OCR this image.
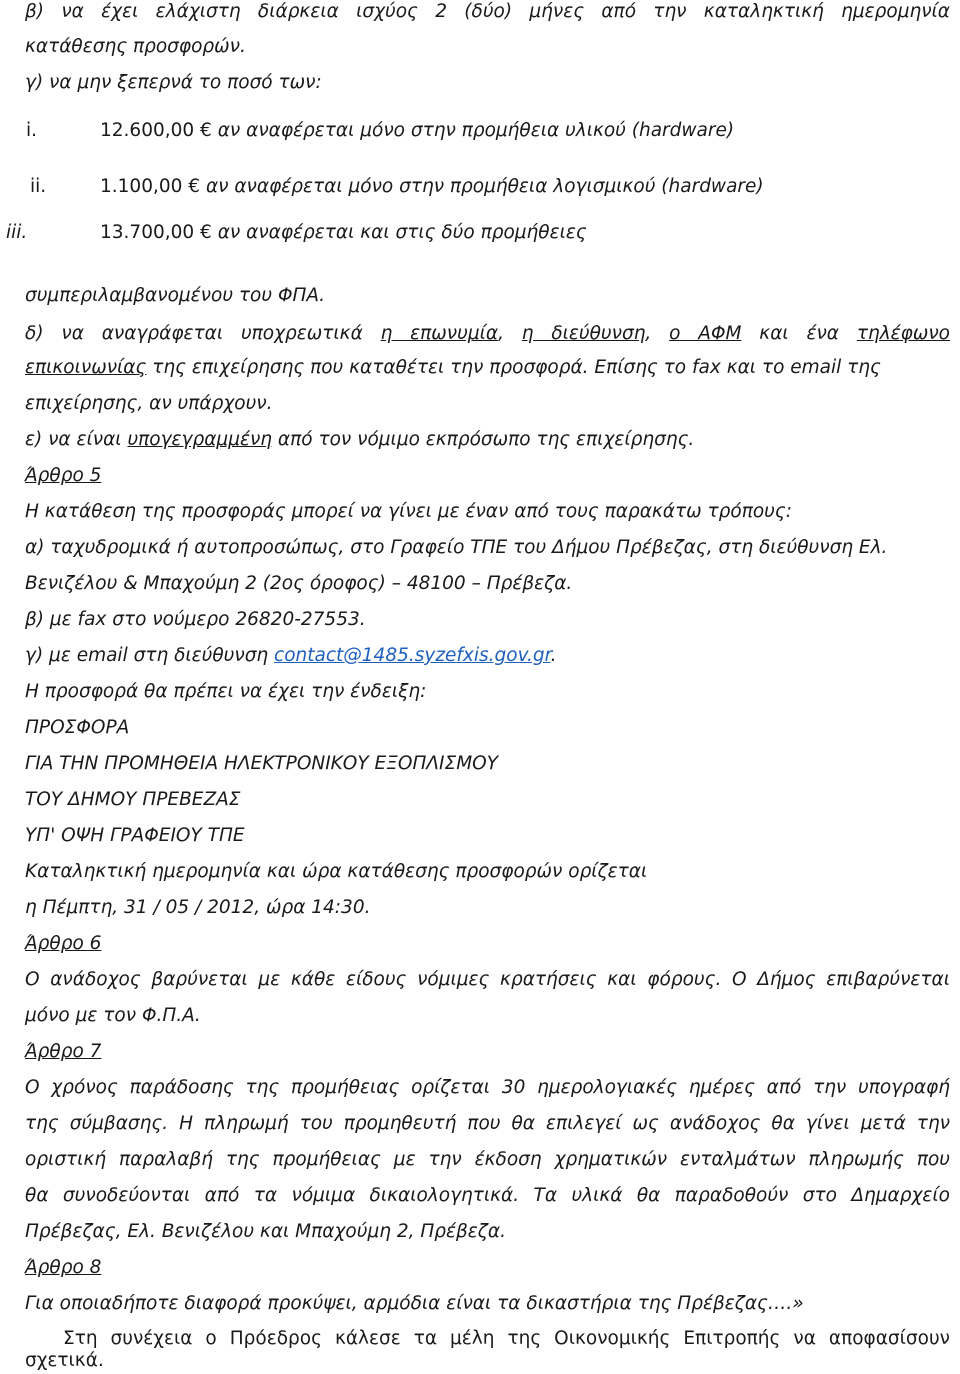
β) να έχει ελάχιστη διάρκεια ισχύος 2 (δύο) μήνες από την καταληκτική ημερομηνία
κατάθεσης προσφορών.
γ) να μην ξεπερνά το ποσό των:
i.	12.600,00 € αν αναφέρεται μόνο στην προμήθεια υλικού (hardware)
ii.	1.100,00 € αν αναφέρεται μόνο στην προμήθεια λογισμικού (hardware)
iii.	13.700,00 € αν αναφέρεται και στις δύο προμήθειες
συμπεριλαμβανομένου του ΦΠΑ.
δ) να αναγράφεται υποχρεωτικά η επωνυμία, η διεύθυνση, ο ΑΦΜ και ένα τηλέφωνο
επικοινωνίας της επιχείρησης που καταθέτει την προσφορά. Επίσης το fax και το email της
επιχείρησης, αν υπάρχουν.
ε) να είναι υπογεγραμμένη από τον νόμιμο εκπρόσωπο της επιχείρησης.
Άρθρο 5
Η κατάθεση της προσφοράς μπορεί να γίνει με έναν από τους παρακάτω τρόπους:
α) ταχυδρομικά ή αυτοπροσώπως, στο Γραφείο ΤΠΕ του Δήμου Πρέβεζας, στη διεύθυνση Ελ.
Βενιζέλου & Μπαχούμη 2 (2ος όροφος) – 48100 – Πρέβεζα.
β) με fax στο νούμερο 26820-27553.
γ) με email στη διεύθυνση contact@1485.syzefxis.gov.gr.
Η προσφορά θα πρέπει να έχει την ένδειξη:
ΠΡΟΣΦΟΡΑ
ΓΙΑ ΤΗΝ ΠΡΟΜΗΘΕΙΑ ΗΛΕΚΤΡΟΝΙΚΟΥ ΕΞΟΠΛΙΣΜΟΥ
ΤΟΥ ΔΗΜΟΥ ΠΡΕΒΕΖΑΣ
ΥΠ' ΟΨΗ ΓΡΑΦΕΙΟΥ ΤΠΕ
Καταληκτική ημερομηνία και ώρα κατάθεσης προσφορών ορίζεται
η Πέμπτη, 31 / 05 / 2012, ώρα 14:30.
Άρθρο 6
Ο ανάδοχος βαρύνεται με κάθε είδους νόμιμες κρατήσεις και φόρους. Ο Δήμος επιβαρύνεται
μόνο με τον Φ.Π.Α.
Άρθρο 7
Ο χρόνος παράδοσης της προμήθειας ορίζεται 30 ημερολογιακές ημέρες από την υπογραφή
της σύμβασης. Η πληρωμή του προμηθευτή που θα επιλεγεί ως ανάδοχος θα γίνει μετά την
οριστική παραλαβή της προμήθειας με την έκδοση χρηματικών ενταλμάτων πληρωμής που
θα συνοδεύονται από τα νόμιμα δικαιολογητικά. Τα υλικά θα παραδοθούν στο Δημαρχείο
Πρέβεζας, Ελ. Βενιζέλου και Μπαχούμη 2, Πρέβεζα.
Άρθρο 8
Για οποιαδήποτε διαφορά προκύψει, αρμόδια είναι τα δικαστήρια της Πρέβεζας….»
Στη συνέχεια ο Πρόεδρος κάλεσε τα μέλη της Οικονομικής Επιτροπής να αποφασίσουν
σχετικά.
